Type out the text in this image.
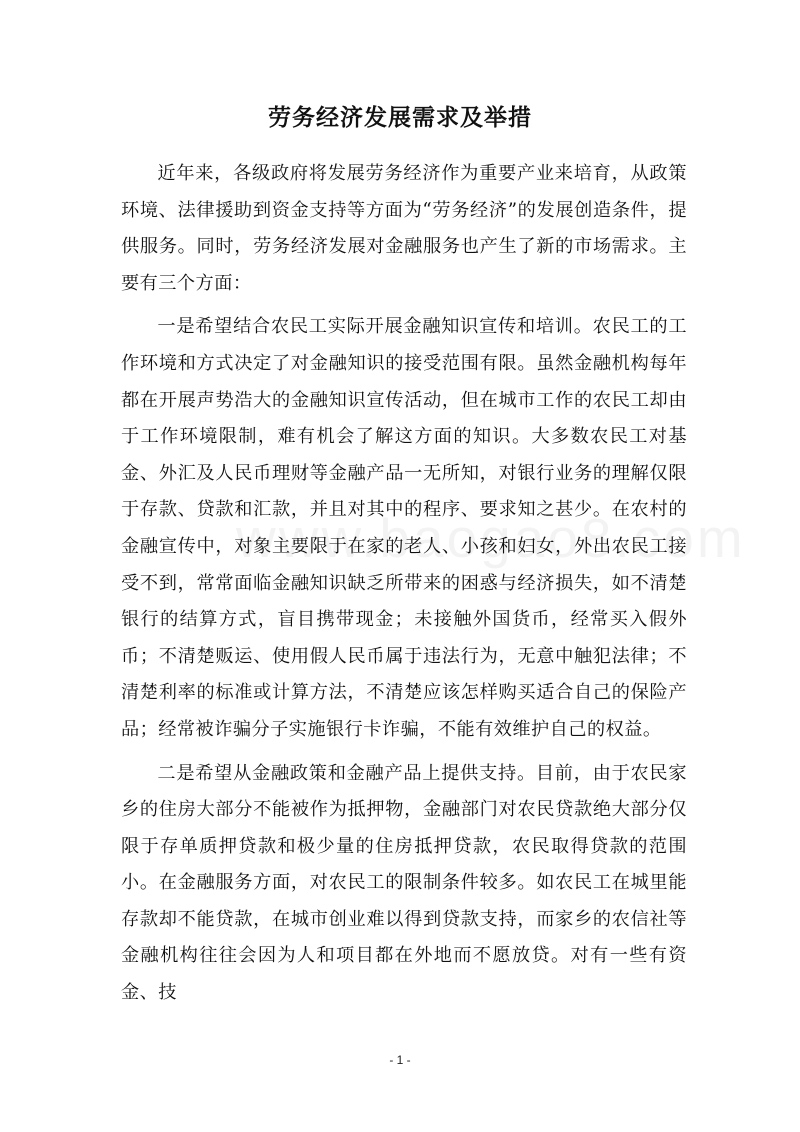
劳务经济发展需求及举措

近年来，各级政府将发展劳务经济作为重要产业来培育，从政策环境、法律援助到资金支持等方面为“劳务经济”的发展创造条件，提供服务。同时，劳务经济发展对金融服务也产生了新的市场需求。主要有三个方面：

一是希望结合农民工实际开展金融知识宣传和培训。农民工的工作环境和方式决定了对金融知识的接受范围有限。虽然金融机构每年都在开展声势浩大的金融知识宣传活动，但在城市工作的农民工却由于工作环境限制，难有机会了解这方面的知识。大多数农民工对基金、外汇及人民币理财等金融产品一无所知，对银行业务的理解仅限于存款、贷款和汇款，并且对其中的程序、要求知之甚少。在农村的金融宣传中，对象主要限于在家的老人、小孩和妇女，外出农民工接受不到，常常面临金融知识缺乏所带来的困惑与经济损失，如不清楚银行的结算方式，盲目携带现金；未接触外国货币，经常买入假外币；不清楚贩运、使用假人民币属于违法行为，无意中触犯法律；不清楚利率的标准或计算方法，不清楚应该怎样购买适合自己的保险产品；经常被诈骗分子实施银行卡诈骗，不能有效维护自己的权益。

二是希望从金融政策和金融产品上提供支持。目前，由于农民家乡的住房大部分不能被作为抵押物，金融部门对农民贷款绝大部分仅限于存单质押贷款和极少量的住房抵押贷款，农民取得贷款的范围小。在金融服务方面，对农民工的限制条件较多。如农民工在城里能存款却不能贷款，在城市创业难以得到贷款支持，而家乡的农信社等金融机构往往会因为人和项目都在外地而不愿放贷。对有一些有资金、技

- 1 -
